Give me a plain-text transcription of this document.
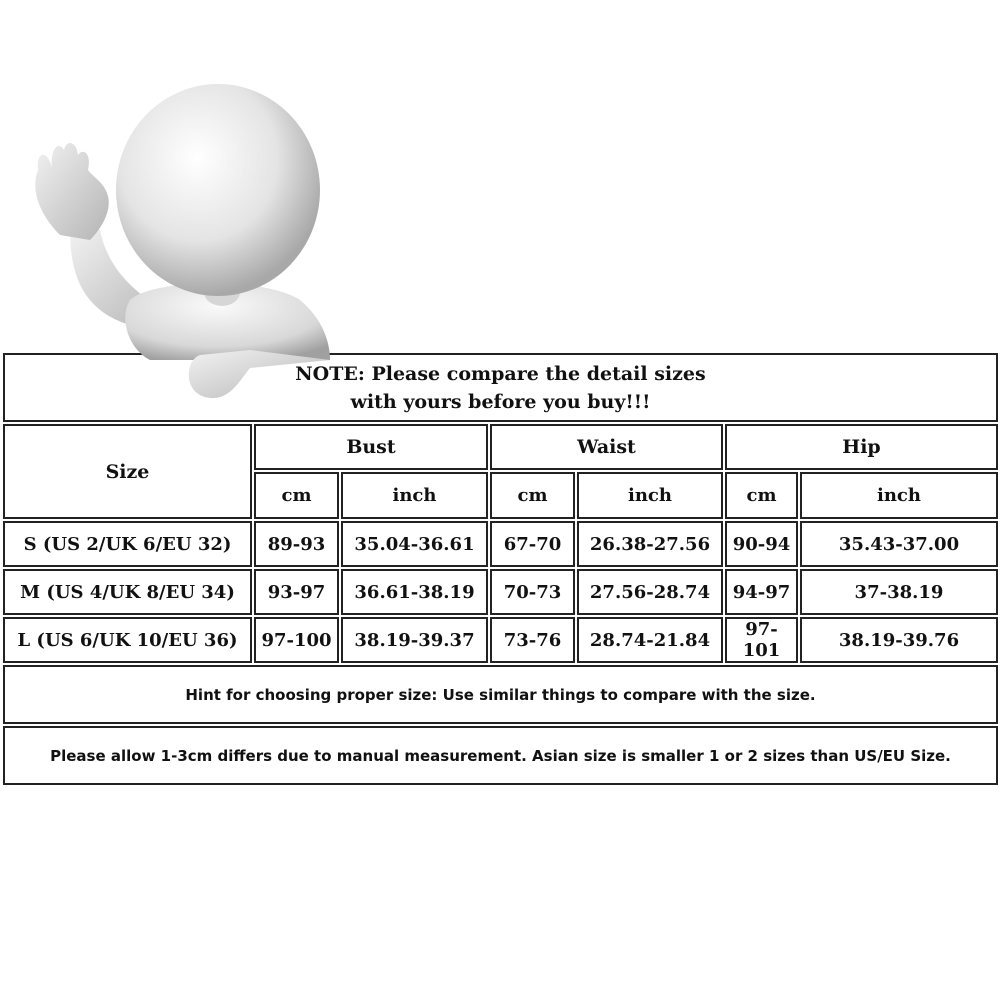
NOTE: Please compare the detail sizes
with yours before you buy!!!
Size
Bust	Waist	Hip
cm	inch	cm	inch	cm	inch
S (US 2/UK 6/EU 32)	89-93	35.04-36.61	67-70	26.38-27.56	90-94	35.43-37.00
M (US 4/UK 8/EU 34)	93-97	36.61-38.19	70-73	27.56-28.74	94-97	37-38.19
L (US 6/UK 10/EU 36)	97-100	38.19-39.37	73-76	28.74-21.84	97-101	38.19-39.76
Hint for choosing proper size: Use similar things to compare with the size.
Please allow 1-3cm differs due to manual measurement. Asian size is smaller 1 or 2 sizes than US/EU Size.
